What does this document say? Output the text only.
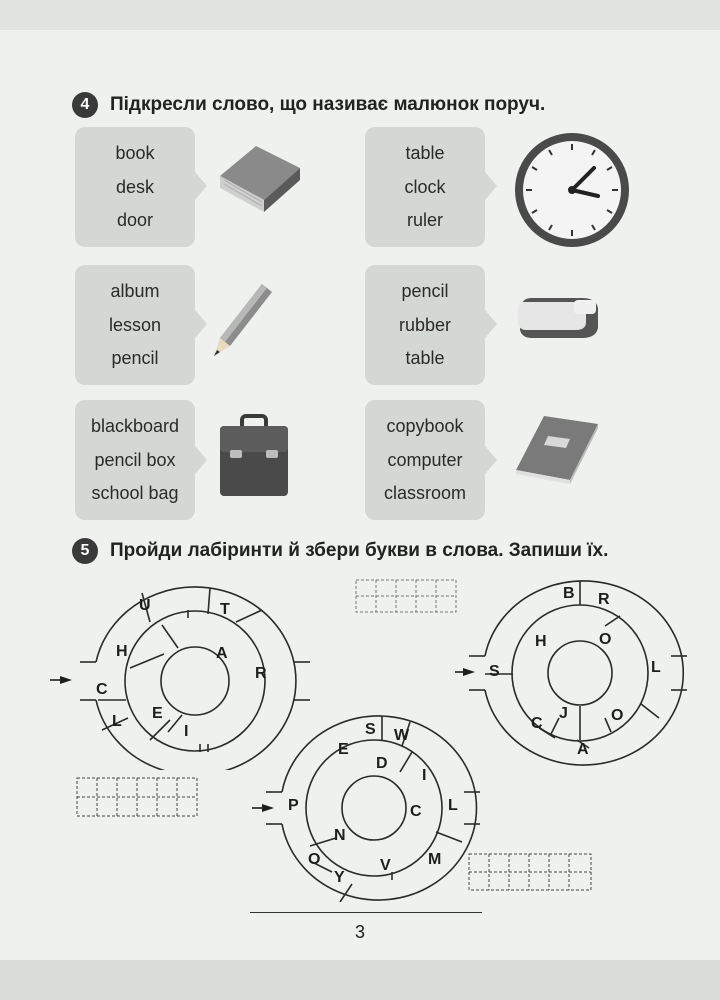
4	Підкресли слово, що називає малюнок поруч.
book
desk
door
table
clock
ruler
album
lesson
pencil
pencil
rubber
table
blackboard
pencil box
school bag
copybook
computer
classroom
5	Пройди лабіринти й збери букви в слова. Запиши їх.
U	T
R
I
L
C
H
E
A
B R
L
O
A
C
S
H	O
J
S W
I
L
M
V
Y
O
P
E
D
C
N
3
